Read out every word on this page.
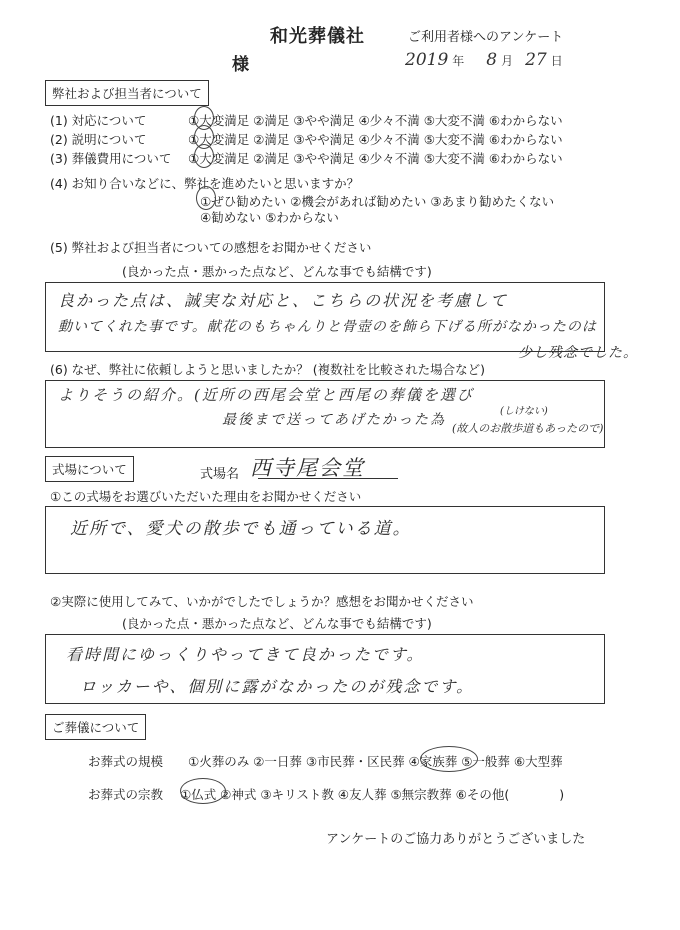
和光葬儀社	ご利用者様へのアンケート
様	2019 年 8 月 27 日
弊社および担当者について
(1) 対応について	①大変満足 ②満足 ③やや満足 ④少々不満 ⑤大変不満 ⑥わからない
(2) 説明について	①大変満足 ②満足 ③やや満足 ④少々不満 ⑤大変不満 ⑥わからない
(3) 葬儀費用について ①大変満足 ②満足 ③やや満足 ④少々不満 ⑤大変不満 ⑥わからない
(4) お知り合いなどに、弊社を進めたいと思いますか？
①ぜひ勧めたい ②機会があれば勧めたい ③あまり勧めたくない
④勧めない ⑤わからない
(5) 弊社および担当者についての感想をお聞かせください
(良かった点・悪かった点など、どんな事でも結構です)
良かった点は、誠実な対応と、こちらの状況を考慮して
動いてくれた事です。献花のもちゃんりと骨壺のを飾ら下げる所がなかったのは
少し残念でした。
(6) なぜ、弊社に依頼しようと思いましたか？ (複数社を比較された場合など)
よりそうの紹介。(近所の西尾会堂と西尾の葬儀を選び
最後まで送ってあげたかった為
(しけない)
(故人のお散歩道もあったので)
式場について	式場名 西寺尾会堂
①この式場をお選びいただいた理由をお聞かせください
近所で、愛犬の散歩でも通っている道。
②実際に使用してみて、いかがでしたでしょうか？感想をお聞かせください
(良かった点・悪かった点など、どんな事でも結構です)
看時間にゆっくりやってきて良かったです。
ロッカーや、個別に露がなかったのが残念です。
ご葬儀について
お葬式の規模 ①火葬のみ ②一日葬 ③市民葬・区民葬 ④家族葬 ⑤一般葬 ⑥大型葬
お葬式の宗教 ①仏式 ②神式 ③キリスト教 ④友人葬 ⑤無宗教葬 ⑥その他(　　　　)
アンケートのご協力ありがとうございました
